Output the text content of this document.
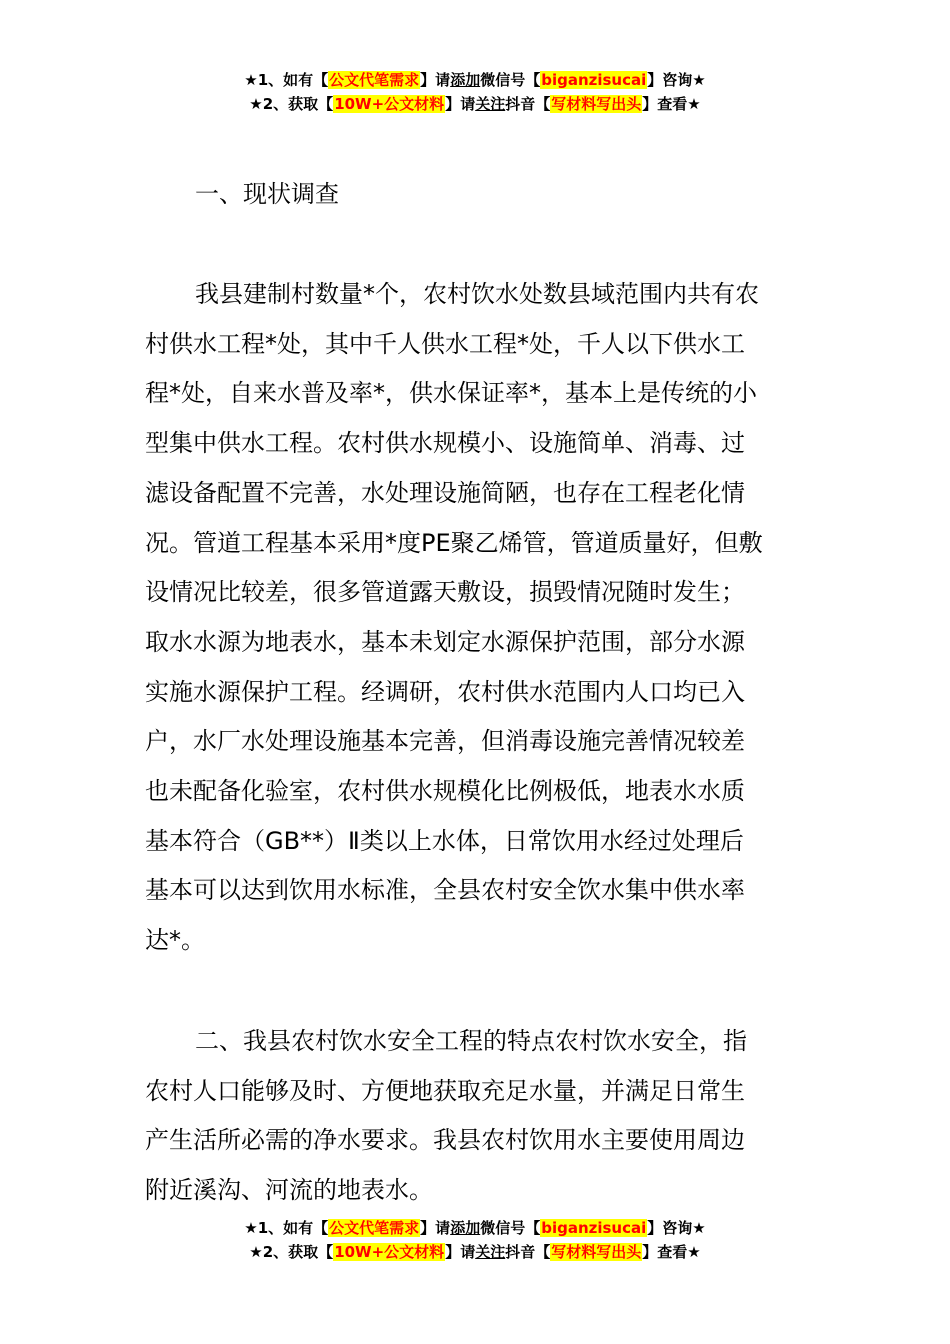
★1、如有【公文代笔需求】请添加微信号【biganzisucai】咨询★
★2、获取【10W+公文材料】请关注抖音【写材料写出头】查看★
一、现状调查
我县建制村数量*个，农村饮水处数县域范围内共有农
村供水工程*处，其中千人供水工程*处，千人以下供水工
程*处，自来水普及率*，供水保证率*，基本上是传统的小
型集中供水工程。农村供水规模小、设施简单、消毒、过
滤设备配置不完善，水处理设施简陋，也存在工程老化情
况。管道工程基本采用*度PE聚乙烯管，管道质量好，但敷
设情况比较差，很多管道露天敷设，损毁情况随时发生；
取水水源为地表水，基本未划定水源保护范围，部分水源
实施水源保护工程。经调研，农村供水范围内人口均已入
户，水厂水处理设施基本完善，但消毒设施完善情况较差
也未配备化验室，农村供水规模化比例极低，地表水水质
基本符合（GB**）Ⅱ类以上水体，日常饮用水经过处理后
基本可以达到饮用水标准，全县农村安全饮水集中供水率
达*。
二、我县农村饮水安全工程的特点农村饮水安全，指
农村人口能够及时、方便地获取充足水量，并满足日常生
产生活所必需的净水要求。我县农村饮用水主要使用周边
附近溪沟、河流的地表水。
★1、如有【公文代笔需求】请添加微信号【biganzisucai】咨询★
★2、获取【10W+公文材料】请关注抖音【写材料写出头】查看★
